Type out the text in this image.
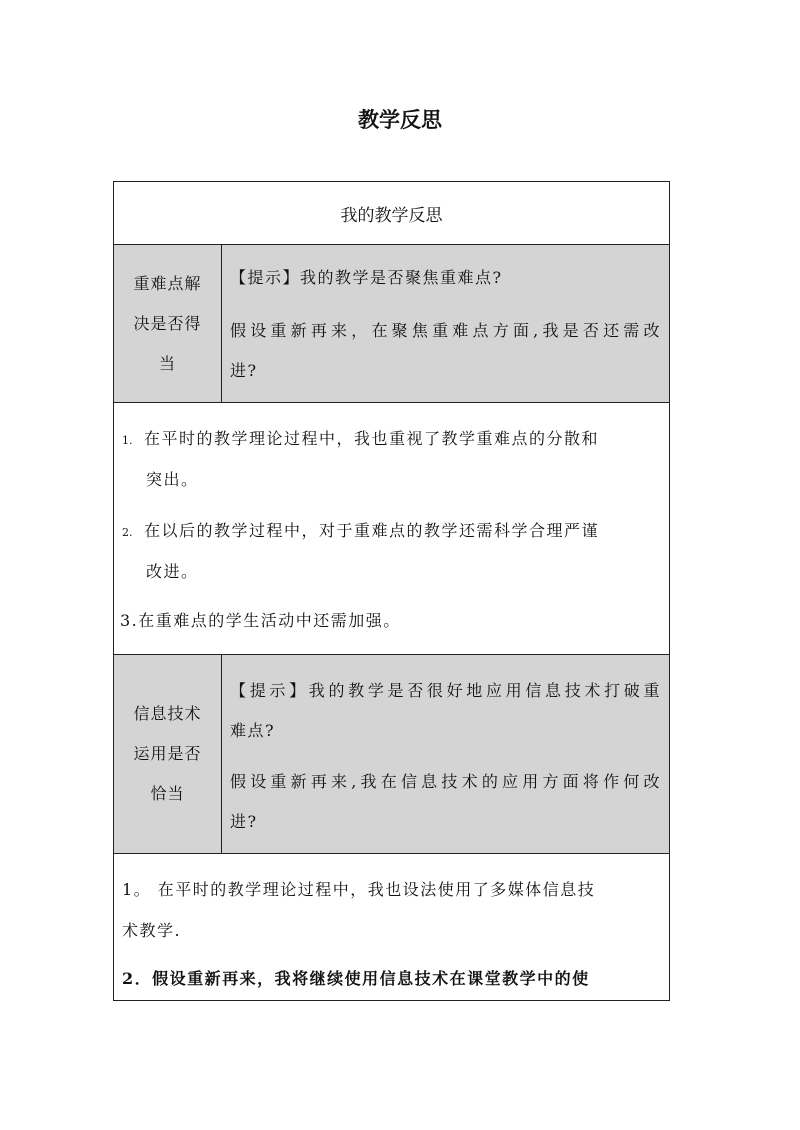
教学反思
我的教学反思
重难点解
决是否得
当
【提示】我的教学是否聚焦重难点?
假设重新再来，在聚焦重难点方面,我是否还需改
进?
1. 在平时的教学理论过程中，我也重视了教学重难点的分散和
突出。
2. 在以后的教学过程中，对于重难点的教学还需科学合理严谨
改进。
3.在重难点的学生活动中还需加强。
信息技术
运用是否
恰当
【提示】我的教学是否很好地应用信息技术打破重
难点?
假设重新再来,我在信息技术的应用方面将作何改
进?
1。 在平时的教学理论过程中，我也设法使用了多媒体信息技
术教学.
2．假设重新再来，我将继续使用信息技术在课堂教学中的使
